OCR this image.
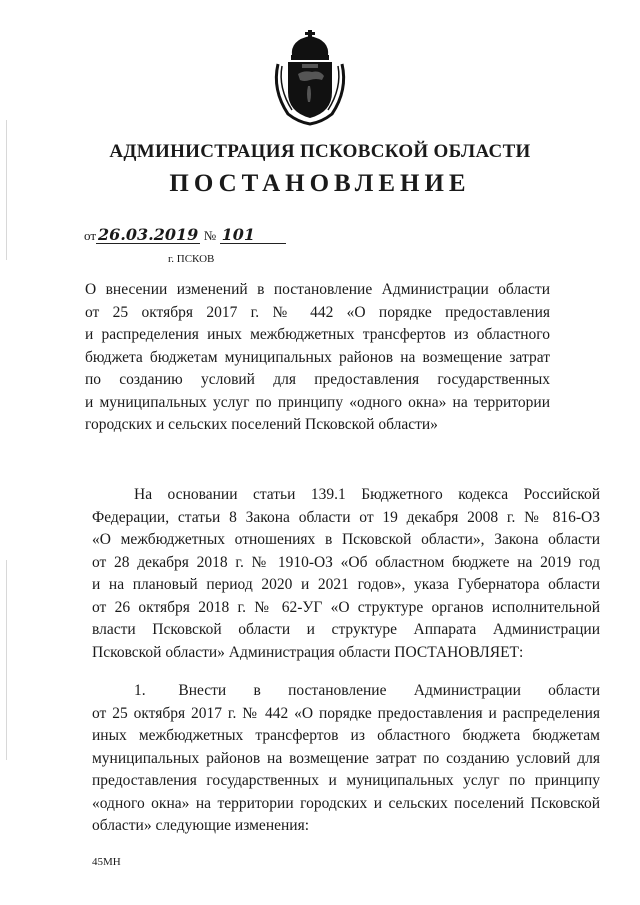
АДМИНИСТРАЦИЯ ПСКОВСКОЙ ОБЛАСТИ
ПОСТАНОВЛЕНИЕ
от 26.03.2019 № 101
г. ПСКОВ
О внесении изменений в постановление Администрации области
от 25 октября 2017 г. № 442 «О порядке предоставления
и распределения иных межбюджетных трансфертов из областного
бюджета бюджетам муниципальных районов на возмещение затрат
по созданию условий для предоставления государственных
и муниципальных услуг по принципу «одного окна» на территории
городских и сельских поселений Псковской области»
На основании статьи 139.1 Бюджетного кодекса Российской
Федерации, статьи 8 Закона области от 19 декабря 2008 г. № 816-ОЗ
«О межбюджетных отношениях в Псковской области», Закона области
от 28 декабря 2018 г. № 1910-ОЗ «Об областном бюджете на 2019 год
и на плановый период 2020 и 2021 годов», указа Губернатора области
от 26 октября 2018 г. № 62-УГ «О структуре органов исполнительной
власти Псковской области и структуре Аппарата Администрации
Псковской области» Администрация области ПОСТАНОВЛЯЕТ:
1.      Внести     в     постановление     Администрации     области
от 25 октября 2017 г. № 442 «О порядке предоставления и распределения
иных межбюджетных трансфертов из областного бюджета бюджетам
муниципальных районов на возмещение затрат по созданию условий для
предоставления государственных и муниципальных услуг по принципу
«одного окна» на территории городских и сельских поселений Псковской
области» следующие изменения:
45МН
